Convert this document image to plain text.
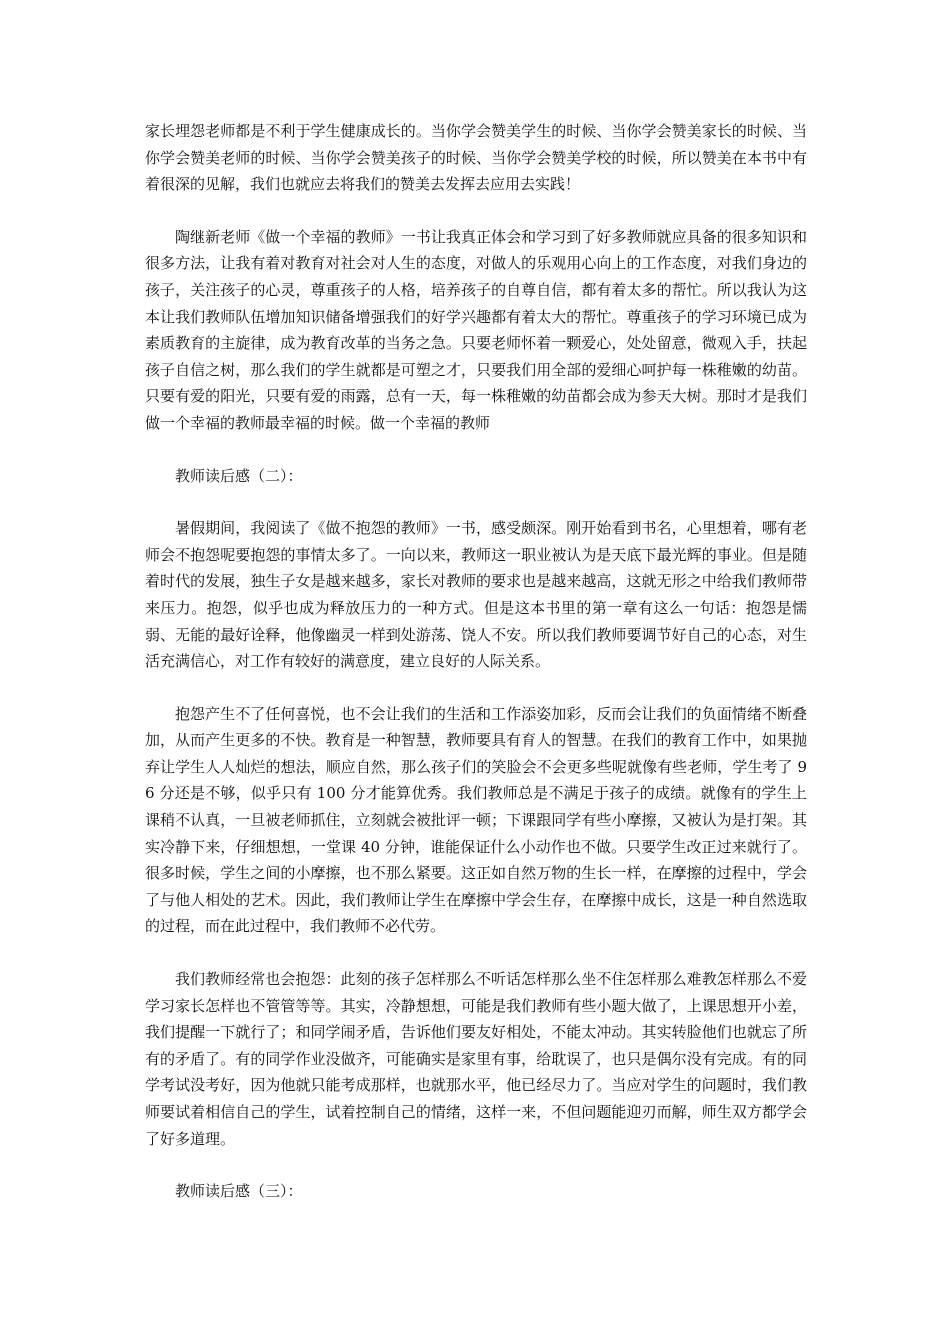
家长埋怨老师都是不利于学生健康成长的。当你学会赞美学生的时候、当你学会赞美家长的时候、当你学会赞美老师的时候、当你学会赞美孩子的时候、当你学会赞美学校的时候，所以赞美在本书中有着很深的见解，我们也就应去将我们的赞美去发挥去应用去实践！

陶继新老师《做一个幸福的教师》一书让我真正体会和学习到了好多教师就应具备的很多知识和很多方法，让我有着对教育对社会对人生的态度，对做人的乐观用心向上的工作态度，对我们身边的孩子，关注孩子的心灵，尊重孩子的人格，培养孩子的自尊自信，都有着太多的帮忙。所以我认为这本让我们教师队伍增加知识储备增强我们的好学兴趣都有着太大的帮忙。尊重孩子的学习环境已成为素质教育的主旋律，成为教育改革的当务之急。只要老师怀着一颗爱心，处处留意，微观入手，扶起孩子自信之树，那么我们的学生就都是可塑之才，只要我们用全部的爱细心呵护每一株稚嫩的幼苗。只要有爱的阳光，只要有爱的雨露，总有一天，每一株稚嫩的幼苗都会成为参天大树。那时才是我们做一个幸福的教师最幸福的时候。做一个幸福的教师

教师读后感（二）：

暑假期间，我阅读了《做不抱怨的教师》一书，感受颇深。刚开始看到书名，心里想着，哪有老师会不抱怨呢要抱怨的事情太多了。一向以来，教师这一职业被认为是天底下最光辉的事业。但是随着时代的发展，独生子女是越来越多，家长对教师的要求也是越来越高，这就无形之中给我们教师带来压力。抱怨，似乎也成为释放压力的一种方式。但是这本书里的第一章有这么一句话：抱怨是懦弱、无能的最好诠释，他像幽灵一样到处游荡、饶人不安。所以我们教师要调节好自己的心态，对生活充满信心，对工作有较好的满意度，建立良好的人际关系。

抱怨产生不了任何喜悦，也不会让我们的生活和工作添姿加彩，反而会让我们的负面情绪不断叠加，从而产生更多的不快。教育是一种智慧，教师要具有育人的智慧。在我们的教育工作中，如果抛弃让学生人人灿烂的想法，顺应自然，那么孩子们的笑脸会不会更多些呢就像有些老师，学生考了 96 分还是不够，似乎只有 100 分才能算优秀。我们教师总是不满足于孩子的成绩。就像有的学生上课稍不认真，一旦被老师抓住，立刻就会被批评一顿；下课跟同学有些小摩擦，又被认为是打架。其实冷静下来，仔细想想，一堂课 40 分钟，谁能保证什么小动作也不做。只要学生改正过来就行了。很多时候，学生之间的小摩擦，也不那么紧要。这正如自然万物的生长一样，在摩擦的过程中，学会了与他人相处的艺术。因此，我们教师让学生在摩擦中学会生存，在摩擦中成长，这是一种自然选取的过程，而在此过程中，我们教师不必代劳。

我们教师经常也会抱怨：此刻的孩子怎样那么不听话怎样那么坐不住怎样那么难教怎样那么不爱学习家长怎样也不管管等等。其实，冷静想想，可能是我们教师有些小题大做了，上课思想开小差，我们提醒一下就行了；和同学闹矛盾，告诉他们要友好相处，不能太冲动。其实转脸他们也就忘了所有的矛盾了。有的同学作业没做齐，可能确实是家里有事，给耽误了，也只是偶尔没有完成。有的同学考试没考好，因为他就只能考成那样，也就那水平，他已经尽力了。当应对学生的问题时，我们教师要试着相信自己的学生，试着控制自己的情绪，这样一来，不但问题能迎刃而解，师生双方都学会了好多道理。

教师读后感（三）：
